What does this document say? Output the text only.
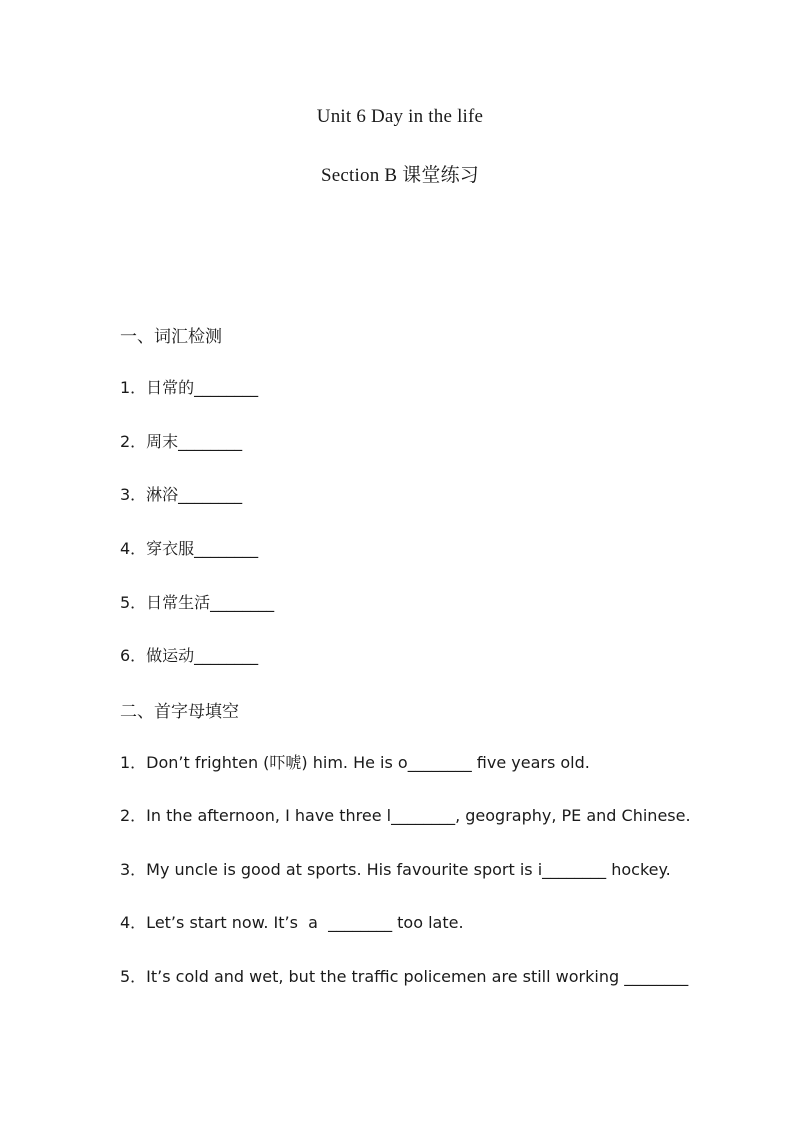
Unit 6 Day in the life
Section B 课堂练习
一、词汇检测
1．日常的________
2．周末________
3．淋浴________
4．穿衣服________
5．日常生活________
6．做运动________
二、首字母填空
1．Don’t frighten (吓唬) him. He is o________ five years old.
2．In the afternoon, I have three l________, geography, PE and Chinese.
3．My uncle is good at sports. His favourite sport is i________ hockey.
4．Let’s start now. It’s  a  ________ too late.
5．It’s cold and wet, but the traffic policemen are still working ________
